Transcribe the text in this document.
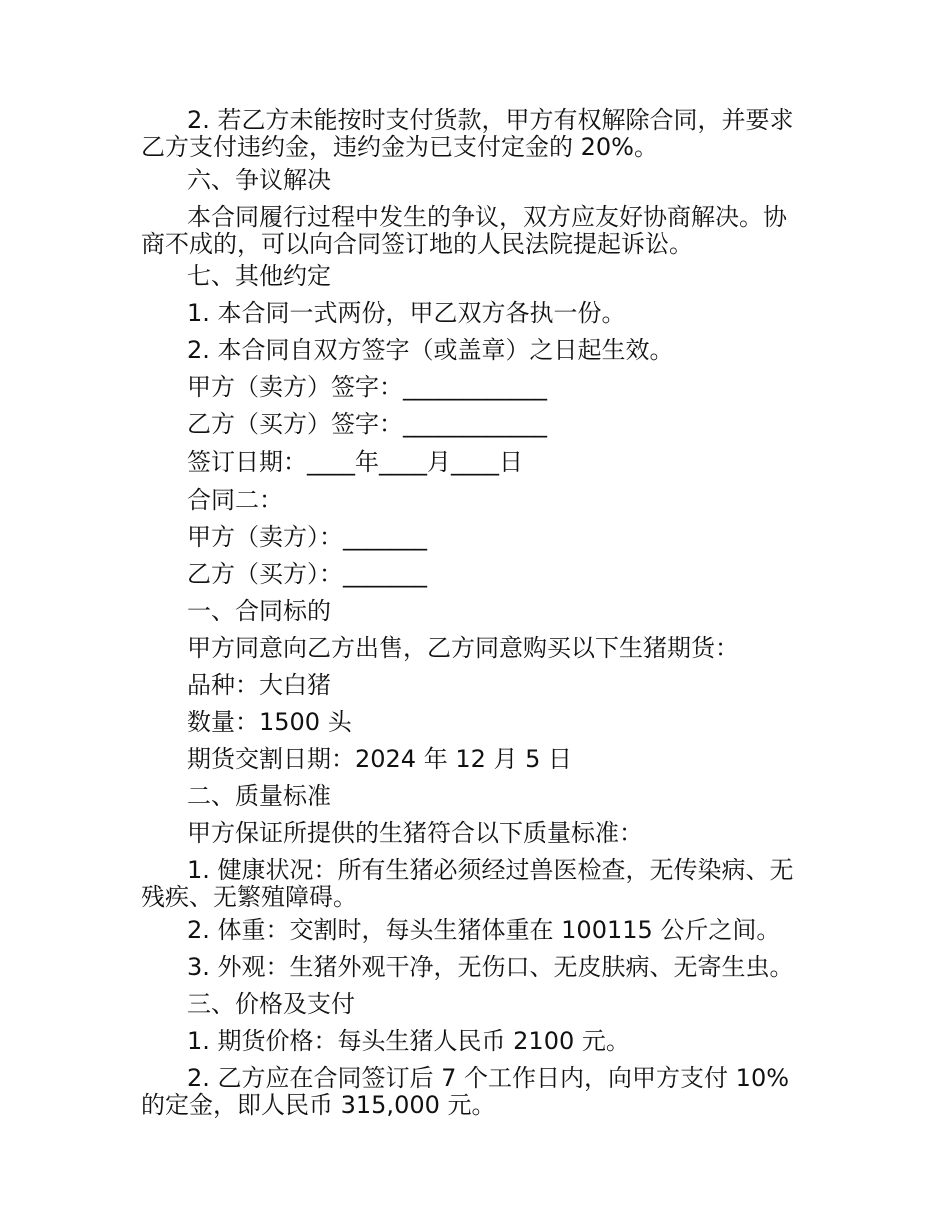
2. 若乙方未能按时支付货款，甲方有权解除合同，并要求
乙方支付违约金，违约金为已支付定金的 20%。
六、争议解决
本合同履行过程中发生的争议，双方应友好协商解决。协
商不成的，可以向合同签订地的人民法院提起诉讼。
七、其他约定
1. 本合同一式两份，甲乙双方各执一份。
2. 本合同自双方签字（或盖章）之日起生效。
甲方（卖方）签字：____________
乙方（买方）签字：____________
签订日期：____年____月____日
合同二：
甲方（卖方）：_______
乙方（买方）：_______
一、合同标的
甲方同意向乙方出售，乙方同意购买以下生猪期货：
品种：大白猪
数量：1500 头
期货交割日期：2024 年 12 月 5 日
二、质量标准
甲方保证所提供的生猪符合以下质量标准：
1. 健康状况：所有生猪必须经过兽医检查，无传染病、无
残疾、无繁殖障碍。
2. 体重：交割时，每头生猪体重在 100115 公斤之间。
3. 外观：生猪外观干净，无伤口、无皮肤病、无寄生虫。
三、价格及支付
1. 期货价格：每头生猪人民币 2100 元。
2. 乙方应在合同签订后 7 个工作日内，向甲方支付 10%
的定金，即人民币 315,000 元。
